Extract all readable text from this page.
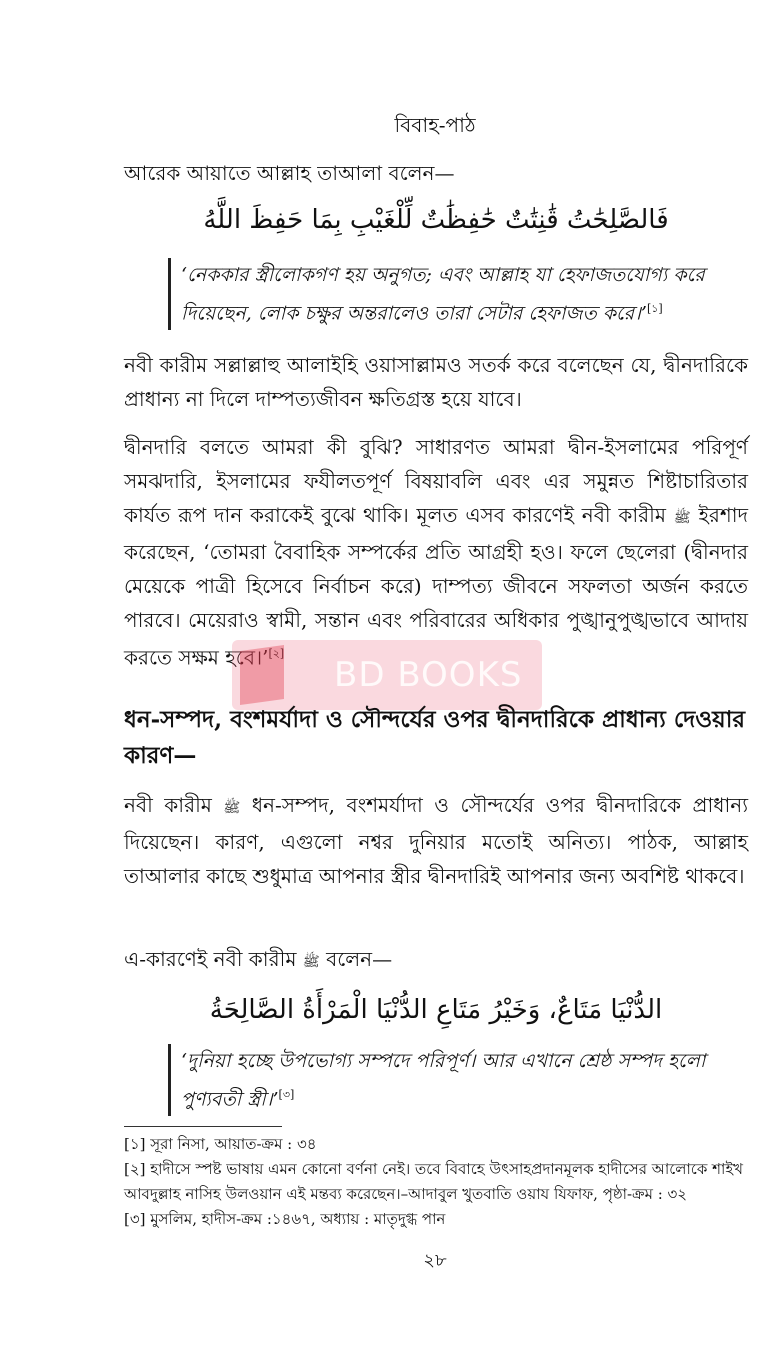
বিবাহ-পাঠ
আরেক আয়াতে আল্লাহ তাআলা বলেন—
فَالصَّلِحَٰتُ قَٰنِتَٰتٌ حَٰفِظَٰتٌ لِّلْغَيْبِ بِمَا حَفِظَ اللَّهُ
‘নেককার স্ত্রীলোকগণ হয় অনুগত; এবং আল্লাহ যা হেফাজতযোগ্য করে দিয়েছেন, লোক চক্ষুর অন্তরালেও তারা সেটার হেফাজত করে।’[১]
নবী কারীম সল্লাল্লাহু আলাইহি ওয়াসাল্লামও সতর্ক করে বলেছেন যে, দ্বীনদারিকে প্রাধান্য না দিলে দাম্পত্যজীবন ক্ষতিগ্রস্ত হয়ে যাবে।
দ্বীনদারি বলতে আমরা কী বুঝি? সাধারণত আমরা দ্বীন-ইসলামের পরিপূর্ণ সমঝদারি, ইসলামের ফযীলতপূর্ণ বিষয়াবলি এবং এর সমুন্নত শিষ্টাচারিতার কার্যত রূপ দান করাকেই বুঝে থাকি। মূলত এসব কারণেই নবী কারীম ﷺ ইরশাদ করেছেন, ‘তোমরা বৈবাহিক সম্পর্কের প্রতি আগ্রহী হও। ফলে ছেলেরা (দ্বীনদার মেয়েকে পাত্রী হিসেবে নির্বাচন করে) দাম্পত্য জীবনে সফলতা অর্জন করতে পারবে। মেয়েরাও স্বামী, সন্তান এবং পরিবারের অধিকার পুঙ্খানুপুঙ্খভাবে আদায় করতে সক্ষম হবে।’[২]
BD BOOKS
ধন-সম্পদ, বংশমর্যাদা ও সৌন্দর্যের ওপর দ্বীনদারিকে প্রাধান্য দেওয়ার কারণ—
নবী কারীম ﷺ ধন-সম্পদ, বংশমর্যাদা ও সৌন্দর্যের ওপর দ্বীনদারিকে প্রাধান্য দিয়েছেন। কারণ, এগুলো নশ্বর দুনিয়ার মতোই অনিত্য। পাঠক, আল্লাহ তাআলার কাছে শুধুমাত্র আপনার স্ত্রীর দ্বীনদারিই আপনার জন্য অবশিষ্ট থাকবে।
এ-কারণেই নবী কারীম ﷺ বলেন—
الدُّنْيَا مَتَاعٌ، وَخَيْرُ مَتَاعِ الدُّنْيَا الْمَرْأَةُ الصَّالِحَةُ
‘দুনিয়া হচ্ছে উপভোগ্য সম্পদে পরিপূর্ণ। আর এখানে শ্রেষ্ঠ সম্পদ হলো পুণ্যবতী স্ত্রী।’[৩]

[১] সূরা নিসা, আয়াত-ক্রম : ৩৪

[২] হাদীসে স্পষ্ট ভাষায় এমন কোনো বর্ণনা নেই। তবে বিবাহে উৎসাহপ্রদানমূলক হাদীসের আলোকে শাইখ আবদুল্লাহ নাসিহ উলওয়ান এই মন্তব্য করেছেন।–আদাবুল খুতবাতি ওয়ায যিফাফ, পৃষ্ঠা-ক্রম : ৩২

[৩] মুসলিম, হাদীস-ক্রম :১৪৬৭, অধ্যায় : মাতৃদুগ্ধ পান

২৮
